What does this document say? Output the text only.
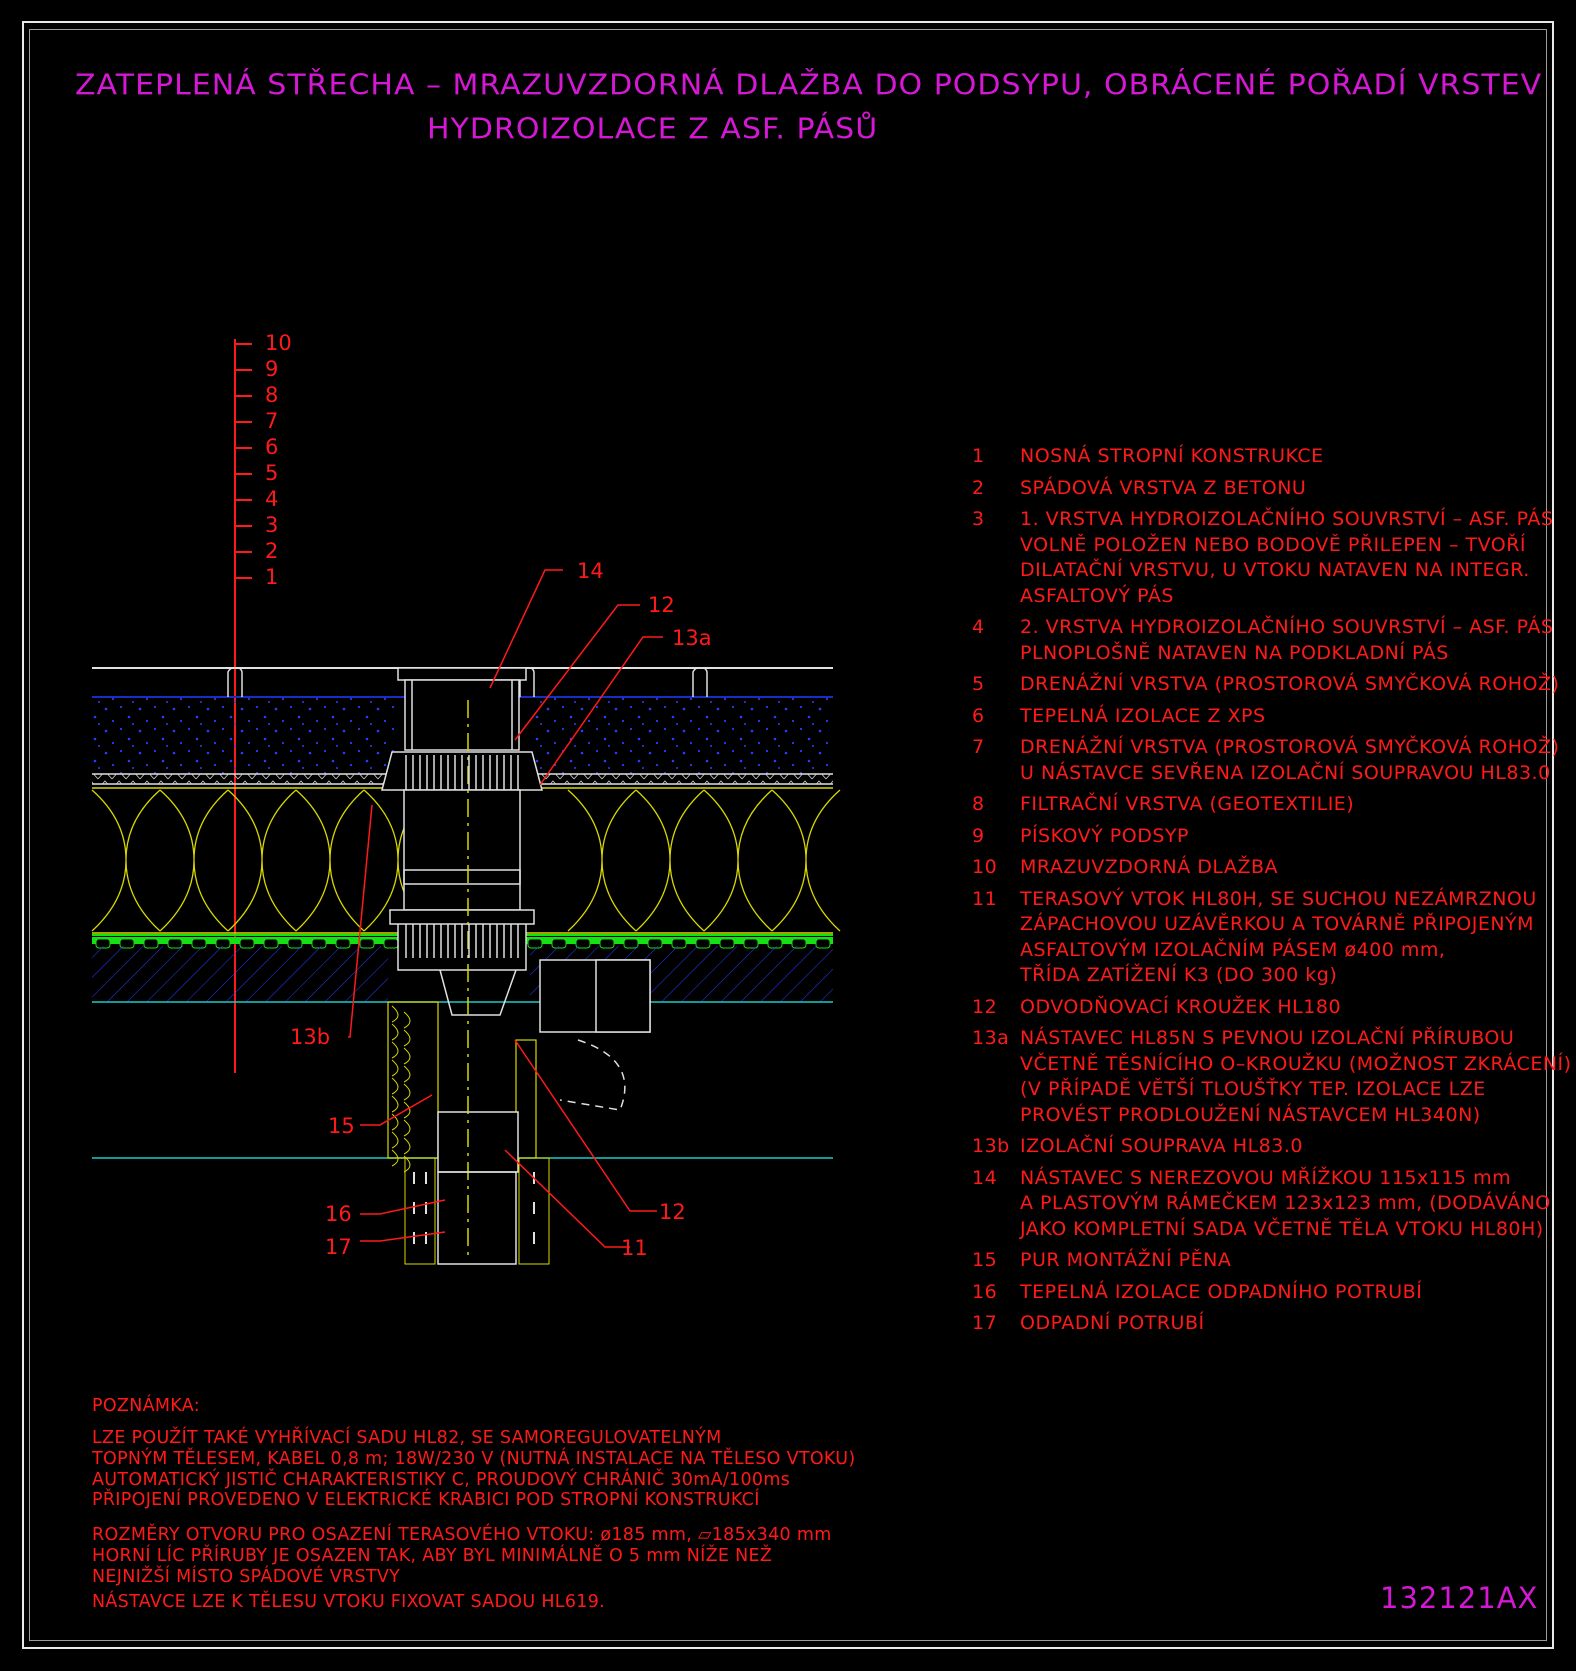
ZATEPLENÁ STŘECHA – MRAZUVZDORNÁ DLAŽBA DO PODSYPU, OBRÁCENÉ POŘADÍ VRSTEV
HYDROIZOLACE Z ASF. PÁSŮ
14
12
13a
13b
15
16
17
12
11
10
9
8
7
6
5
4
3
2
1
1	NOSNÁ STROPNÍ KONSTRUKCE
2	SPÁDOVÁ VRSTVA Z BETONU
3	1. VRSTVA HYDROIZOLAČNÍHO SOUVRSTVÍ – ASF. PÁS
VOLNĚ POLOŽEN NEBO BODOVĚ PŘILEPEN – TVOŘÍ
DILATAČNÍ VRSTVU, U VTOKU NATAVEN NA INTEGR.
ASFALTOVÝ PÁS
4	2. VRSTVA HYDROIZOLAČNÍHO SOUVRSTVÍ – ASF. PÁS
PLNOPLOŠNĚ NATAVEN NA PODKLADNÍ PÁS
5	DRENÁŽNÍ VRSTVA (PROSTOROVÁ SMYČKOVÁ ROHOŽ)
6	TEPELNÁ IZOLACE Z XPS
7	DRENÁŽNÍ VRSTVA (PROSTOROVÁ SMYČKOVÁ ROHOŽ)
U NÁSTAVCE SEVŘENA IZOLAČNÍ SOUPRAVOU HL83.0
8	FILTRAČNÍ VRSTVA (GEOTEXTILIE)
9	PÍSKOVÝ PODSYP
10	MRAZUVZDORNÁ DLAŽBA
11	TERASOVÝ VTOK HL80H, SE SUCHOU NEZÁMRZNOU
ZÁPACHOVOU UZÁVĚRKOU A TOVÁRNĚ PŘIPOJENÝM
ASFALTOVÝM IZOLAČNÍM PÁSEM ø400 mm,
TŘÍDA ZATÍŽENÍ K3 (DO 300 kg)
12	ODVODŇOVACÍ KROUŽEK HL180
13a NÁSTAVEC HL85N S PEVNOU IZOLAČNÍ PŘÍRUBOU
VČETNĚ TĚSNÍCÍHO O–KROUŽKU (MOŽNOST ZKRÁCENÍ)
(V PŘÍPADĚ VĚTŠÍ TLOUŠŤKY TEP. IZOLACE LZE
PROVÉST PRODLOUŽENÍ NÁSTAVCEM HL340N)
13b IZOLAČNÍ SOUPRAVA HL83.0
14	NÁSTAVEC S NEREZOVOU MŘÍŽKOU 115x115 mm
A PLASTOVÝM RÁMEČKEM 123x123 mm, (DODÁVÁNO
JAKO KOMPLETNÍ SADA VČETNĚ TĚLA VTOKU HL80H)
15	PUR MONTÁŽNÍ PĚNA
16	TEPELNÁ IZOLACE ODPADNÍHO POTRUBÍ
17	ODPADNÍ POTRUBÍ
POZNÁMKA:
LZE POUŽÍT TAKÉ VYHŘÍVACÍ SADU HL82, SE SAMOREGULOVATELNÝM
TOPNÝM TĚLESEM, KABEL 0,8 m; 18W/230 V (NUTNÁ INSTALACE NA TĚLESO VTOKU)
AUTOMATICKÝ JISTIČ CHARAKTERISTIKY C, PROUDOVÝ CHRÁNIČ 30mA/100ms
PŘIPOJENÍ PROVEDENO V ELEKTRICKÉ KRABICI POD STROPNÍ KONSTRUKCÍ
ROZMĚRY OTVORU PRO OSAZENÍ TERASOVÉHO VTOKU: ø185 mm, ▱185x340 mm
HORNÍ LÍC PŘÍRUBY JE OSAZEN TAK, ABY BYL MINIMÁLNĚ O 5 mm NÍŽE NEŽ
NEJNIŽŠÍ MÍSTO SPÁDOVÉ VRSTVY
NÁSTAVCE LZE K TĚLESU VTOKU FIXOVAT SADOU HL619.	132121AX
